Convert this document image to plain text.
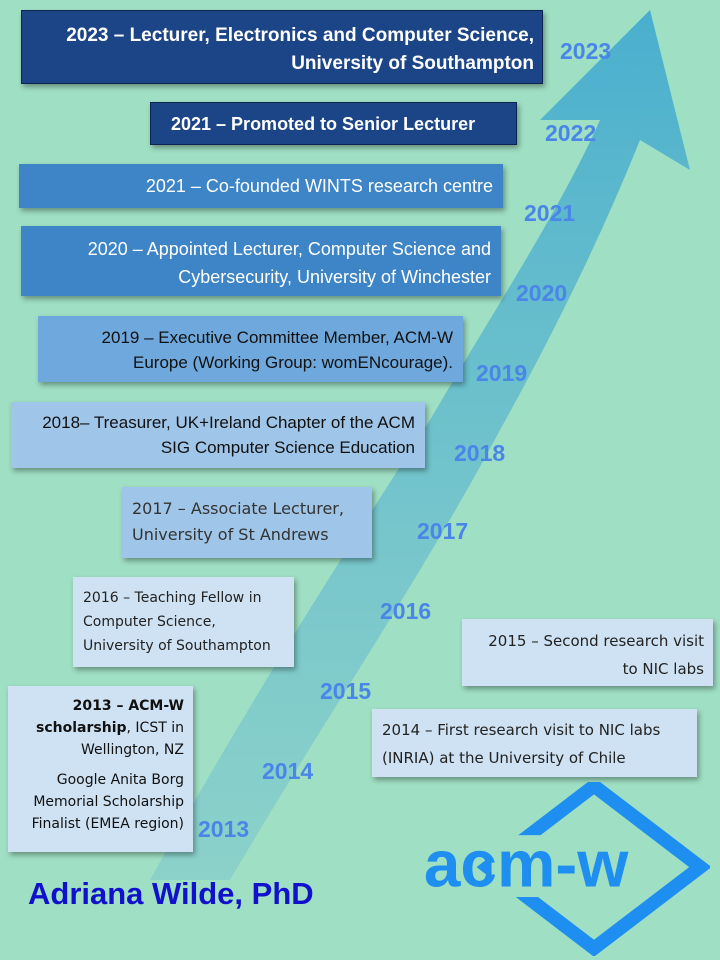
2023 – Lecturer, Electronics and Computer Science, University of Southampton	2023
2021 – Promoted to Senior Lecturer	2022
2021 – Co-founded WINTS research centre
2021
2020 – Appointed Lecturer, Computer Science and Cybersecurity, University of Winchester
2020
2019 – Executive Committee Member, ACM-W Europe (Working Group: womENcourage).	2019
2018– Treasurer, UK+Ireland Chapter of the ACM SIG Computer Science Education	2018
2017 – Associate Lecturer, University of St Andrews	2017
2016 – Teaching Fellow in Computer Science, University of Southampton
2016
2015 – Second research visit to NIC labs
2015
2014 – First research visit to NIC labs (INRIA) at the University of Chile
2014
2013 – ACM-W scholarship, ICST in Wellington, NZ
Google Anita Borg Memorial Scholarship Finalist (EMEA region) 2013
Adriana Wilde, PhD acm-w
